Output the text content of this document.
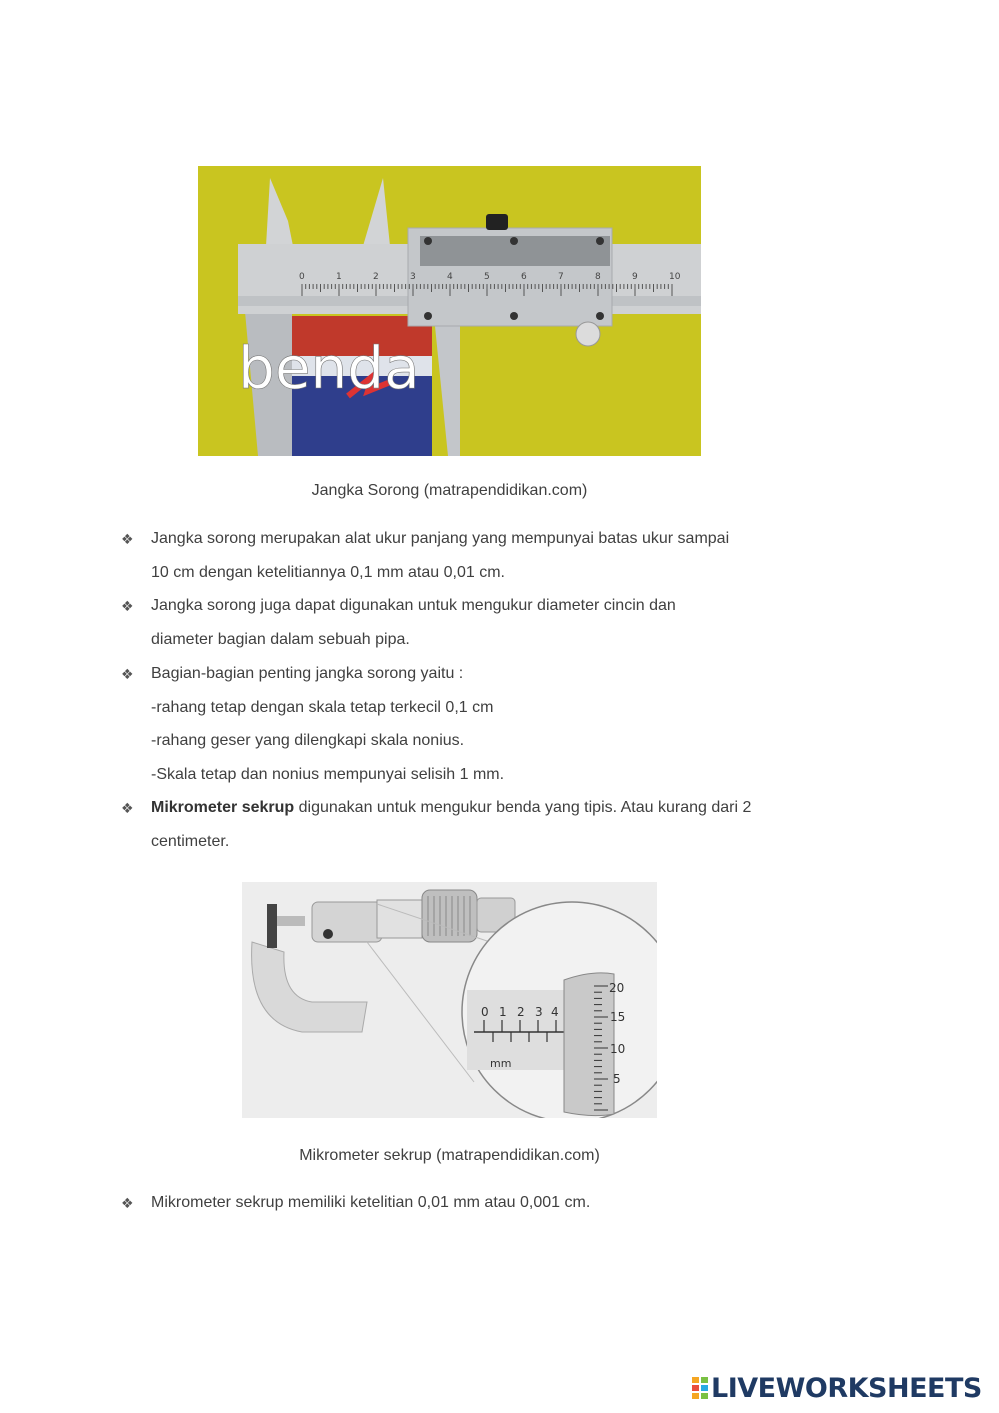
0	1	2	3	4	5	6	7	8	9	10
benda
Jangka Sorong (matrapendidikan.com)
❖ Jangka sorong merupakan alat ukur panjang yang mempunyai batas ukur sampai
10 cm dengan ketelitiannya 0,1 mm atau 0,01 cm.
❖ Jangka sorong juga dapat digunakan untuk mengukur diameter cincin dan
diameter bagian dalam sebuah pipa.
❖ Bagian-bagian penting jangka sorong yaitu :
-rahang tetap dengan skala tetap terkecil 0,1 cm
-rahang geser yang dilengkapi skala nonius.
-Skala tetap dan nonius mempunyai selisih 1 mm.
❖ Mikrometer sekrup digunakan untuk mengukur benda yang tipis. Atau kurang dari 2
centimeter.
0 1 2 3 4
mm
20
15
10
5
Mikrometer sekrup (matrapendidikan.com)
❖ Mikrometer sekrup memiliki ketelitian 0,01 mm atau 0,001 cm.
LIVEWORKSHEETS
